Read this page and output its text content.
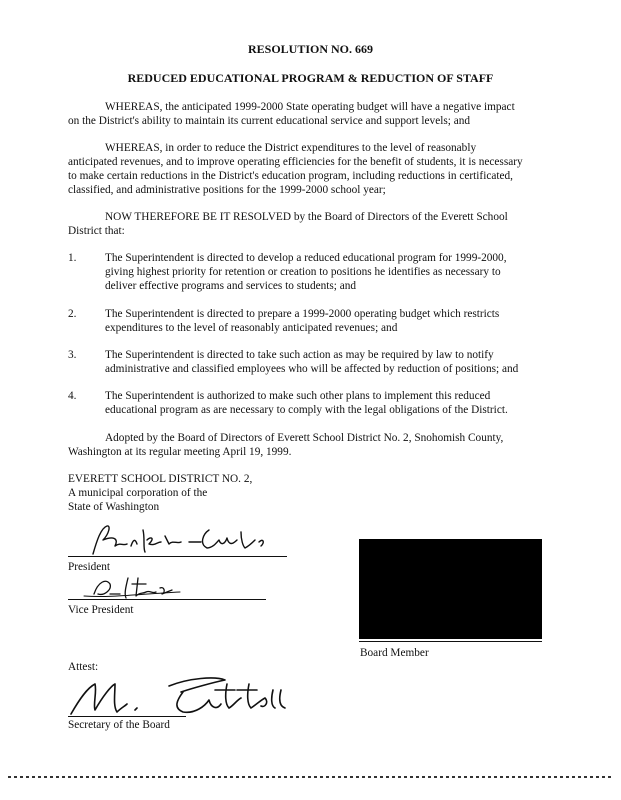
RESOLUTION NO. 669
REDUCED EDUCATIONAL PROGRAM & REDUCTION OF STAFF
WHEREAS, the anticipated 1999-2000 State operating budget will have a negative impact
on the District's ability to maintain its current educational service and support levels; and
WHEREAS, in order to reduce the District expenditures to the level of reasonably
anticipated revenues, and to improve operating efficiencies for the benefit of students, it is necessary
to make certain reductions in the District's education program, including reductions in certificated,
classified, and administrative positions for the 1999-2000 school year;
NOW THEREFORE BE IT RESOLVED by the Board of Directors of the Everett School
District that:
1.	The Superintendent is directed to develop a reduced educational program for 1999-2000,
giving highest priority for retention or creation to positions he identifies as necessary to
deliver effective programs and services to students; and
2.	The Superintendent is directed to prepare a 1999-2000 operating budget which restricts
expenditures to the level of reasonably anticipated revenues; and
3.	The Superintendent is directed to take such action as may be required by law to notify
administrative and classified employees who will be affected by reduction of positions; and
4.	The Superintendent is authorized to make such other plans to implement this reduced
educational program as are necessary to comply with the legal obligations of the District.
Adopted by the Board of Directors of Everett School District No. 2, Snohomish County,
Washington at its regular meeting April 19, 1999.
EVERETT SCHOOL DISTRICT NO. 2,
A municipal corporation of the
State of Washington
President
Vice President
Board Member
Attest:
Secretary of the Board
